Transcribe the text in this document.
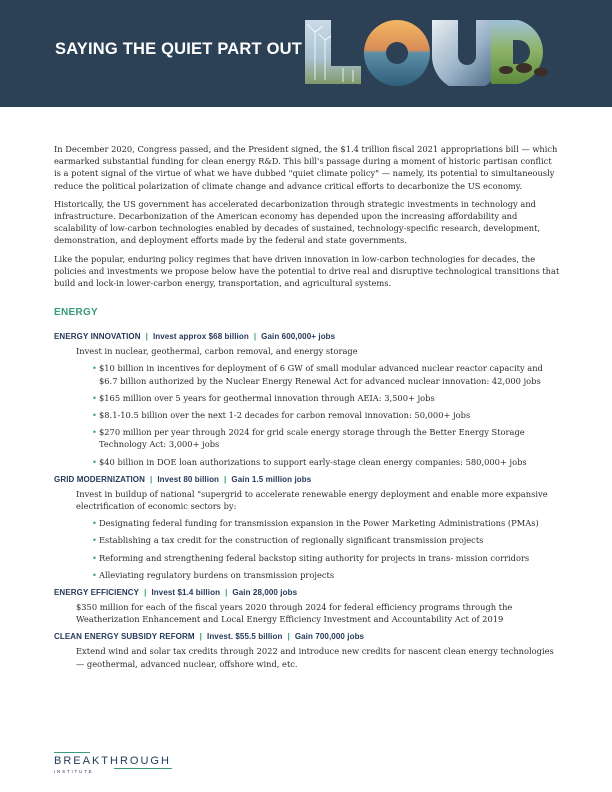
SAYING THE QUIET PART OUT

In December 2020, Congress passed, and the President signed, the $1.4 trillion fiscal 2021 appropriations bill — which earmarked substantial funding for clean energy R&D. This bill's passage during a moment of historic partisan conflict is a potent signal of the virtue of what we have dubbed "quiet climate policy" — namely, its potential to simultaneously reduce the political polarization of climate change and advance critical efforts to decarbonize the US economy.

Historically, the US government has accelerated decarbonization through strategic investments in technology and infrastructure. Decarbonization of the American economy has depended upon the increasing affordability and scalability of low-carbon technologies enabled by decades of sustained, technology-specific research, development, demonstration, and deployment efforts made by the federal and state governments.

Like the popular, enduring policy regimes that have driven innovation in low-carbon technologies for decades, the policies and investments we propose below have the potential to drive real and disruptive technological transitions that build and lock-in lower-carbon energy, transportation, and agricultural systems.

ENERGY
ENERGY INNOVATION | Invest approx $68 billion | Gain 600,000+ jobs
Invest in nuclear, geothermal, carbon removal, and energy storage
• $10 billion in incentives for deployment of 6 GW of small modular advanced nuclear reactor capacity and $6.7 billion authorized by the Nuclear Energy Renewal Act for advanced nuclear innovation: 42,000 jobs
• $165 million over 5 years for geothermal innovation through AEIA: 3,500+ jobs
• $8.1-10.5 billion over the next 1-2 decades for carbon removal innovation: 50,000+ jobs
• $270 million per year through 2024 for grid scale energy storage through the Better Energy Storage Technology Act: 3,000+ jobs
• $40 billion in DOE loan authorizations to support early-stage clean energy companies: 580,000+ jobs
GRID MODERNIZATION | Invest 80 billion | Gain 1.5 million jobs
Invest in buildup of national "supergrid to accelerate renewable energy deployment and enable more expansive electrification of economic sectors by:
• Designating federal funding for transmission expansion in the Power Marketing Administrations (PMAs)
• Establishing a tax credit for the construction of regionally significant transmission projects
• Reforming and strengthening federal backstop siting authority for projects in trans- mission corridors
• Alleviating regulatory burdens on transmission projects
ENERGY EFFICIENCY | Invest $1.4 billion | Gain 28,000 jobs
$350 million for each of the fiscal years 2020 through 2024 for federal efficiency programs through the Weatherization Enhancement and Local Energy Efficiency Investment and Accountability Act of 2019
CLEAN ENERGY SUBSIDY REFORM | Invest. $55.5 billion | Gain 700,000 jobs
Extend wind and solar tax credits through 2022 and introduce new credits for nascent clean energy technologies — geothermal, advanced nuclear, offshore wind, etc.
BREAKTHROUGH
INSTITUTE
